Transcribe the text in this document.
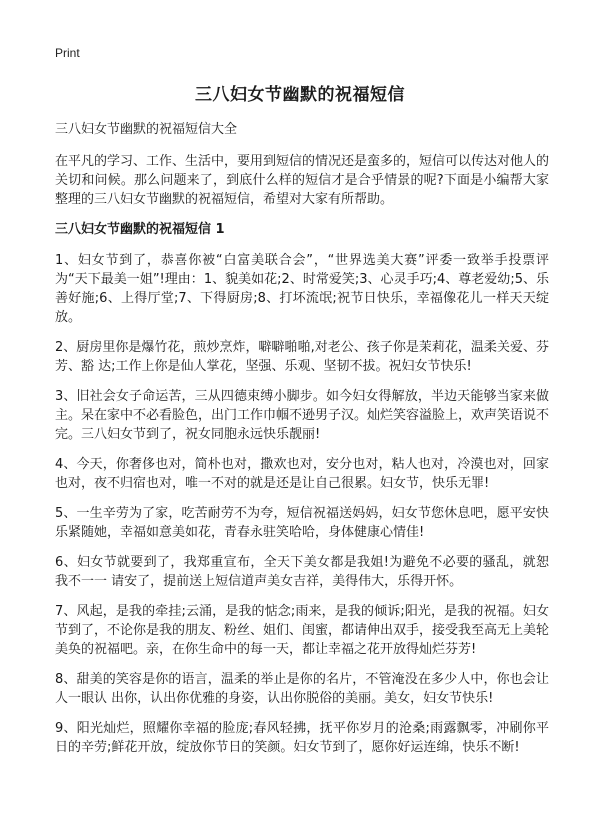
Print
三八妇女节幽默的祝福短信
三八妇女节幽默的祝福短信大全
在平凡的学习、工作、生活中，要用到短信的情况还是蛮多的，短信可以传达对他人的关切和问候。那么问题来了，到底什么样的短信才是合乎情景的呢?下面是小编帮大家整理的三八妇女节幽默的祝福短信，希望对大家有所帮助。
三八妇女节幽默的祝福短信 1
1、妇女节到了，恭喜你被“白富美联合会”，“世界选美大赛”评委一致举手投票评为“天下最美一姐”!理由：1、貌美如花;2、时常爱笑;3、心灵手巧;4、尊老爱幼;5、乐善好施;6、上得厅堂;7、下得厨房;8、打坏流氓;祝节日快乐，幸福像花儿一样天天绽放。
2、厨房里你是爆竹花，煎炒烹炸，噼噼啪啪,对老公、孩子你是茉莉花，温柔关爱、芬芳、豁 达;工作上你是仙人掌花，坚强、乐观、坚韧不拔。祝妇女节快乐!
3、旧社会女子命运苦，三从四德束缚小脚步。如今妇女得解放，半边天能够当家来做主。呆在家中不必看脸色，出门工作巾帼不逊男子汉。灿烂笑容溢脸上，欢声笑语说不完。三八妇女节到了，祝女同胞永远快乐靓丽!
4、今天，你奢侈也对，简朴也对，撒欢也对，安分也对，粘人也对，冷漠也对，回家也对，夜不归宿也对，唯一不对的就是还是让自己很累。妇女节，快乐无罪!
5、一生辛劳为了家，吃苦耐劳不为夸，短信祝福送妈妈，妇女节您休息吧，愿平安快乐紧随她，幸福如意美如花，青春永驻笑哈哈，身体健康心情佳!
6、妇女节就要到了，我郑重宣布，全天下美女都是我姐!为避免不必要的骚乱，就恕我不一一 请安了，提前送上短信道声美女吉祥，美得伟大，乐得开怀。
7、风起，是我的牵挂;云涌，是我的惦念;雨来，是我的倾诉;阳光，是我的祝福。妇女节到了，不论你是我的朋友、粉丝、姐们、闺蜜，都请伸出双手，接受我至高无上美轮美奂的祝福吧。亲，在你生命中的每一天，都让幸福之花开放得灿烂芬芳!
8、甜美的笑容是你的语言，温柔的举止是你的名片，不管淹没在多少人中，你也会让人一眼认 出你，认出你优雅的身姿，认出你脱俗的美丽。美女，妇女节快乐!
9、阳光灿烂，照耀你幸福的脸庞;春风轻拂，抚平你岁月的沧桑;雨露飘零，冲刷你平日的辛劳;鲜花开放，绽放你节日的笑颜。妇女节到了，愿你好运连绵，快乐不断!
